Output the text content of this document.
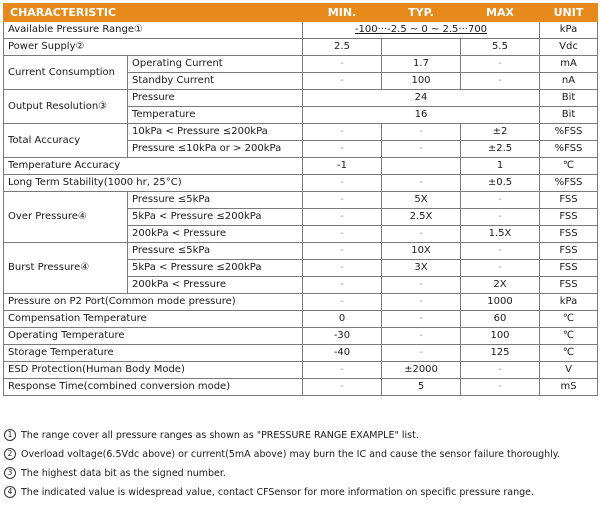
CHARACTERISTIC		MIN.	TYP.	MAX	UNIT
Available Pressure Range①		-100···-2.5 ~ 0 ~ 2.5···700			kPa
Power Supply②		2.5		5.5	Vdc
Current Consumption	Operating Current	-	1.7	-	mA
	Standby Current	-	100	-	nA
Output Resolution③	Pressure	24			Bit
	Temperature	16			Bit
Total Accuracy	10kPa < Pressure ≤200kPa	-	-	±2	%FSS
	Pressure ≤10kPa or > 200kPa	-	-	±2.5	%FSS
Temperature Accuracy		-1		1	℃
Long Term Stability(1000 hr, 25°C)		-	-	±0.5	%FSS
Over Pressure④	Pressure ≤5kPa	-	5X	-	FSS
	5kPa < Pressure ≤200kPa	-	2.5X	-	FSS
	200kPa < Pressure	-	-	1.5X	FSS
Burst Pressure④	Pressure ≤5kPa	-	10X	-	FSS
	5kPa < Pressure ≤200kPa	-	3X	-	FSS
	200kPa < Pressure	-	-	2X	FSS
Pressure on P2 Port(Common mode pressure)		-	-	1000	kPa
Compensation Temperature		0	-	60	℃
Operating Temperature		-30	-	100	℃
Storage Temperature		-40	-	125	℃
ESD Protection(Human Body Mode)		-	±2000	-	V
Response Time(combined conversion mode)		-	5	-	mS
1 The range cover all pressure ranges as shown as "PRESSURE RANGE EXAMPLE" list.
2 Overload voltage(6.5Vdc above) or current(5mA above) may burn the IC and cause the sensor failure thoroughly.
3 The highest data bit as the signed number.
4 The indicated value is widespread value, contact CFSensor for more information on specific pressure range.
